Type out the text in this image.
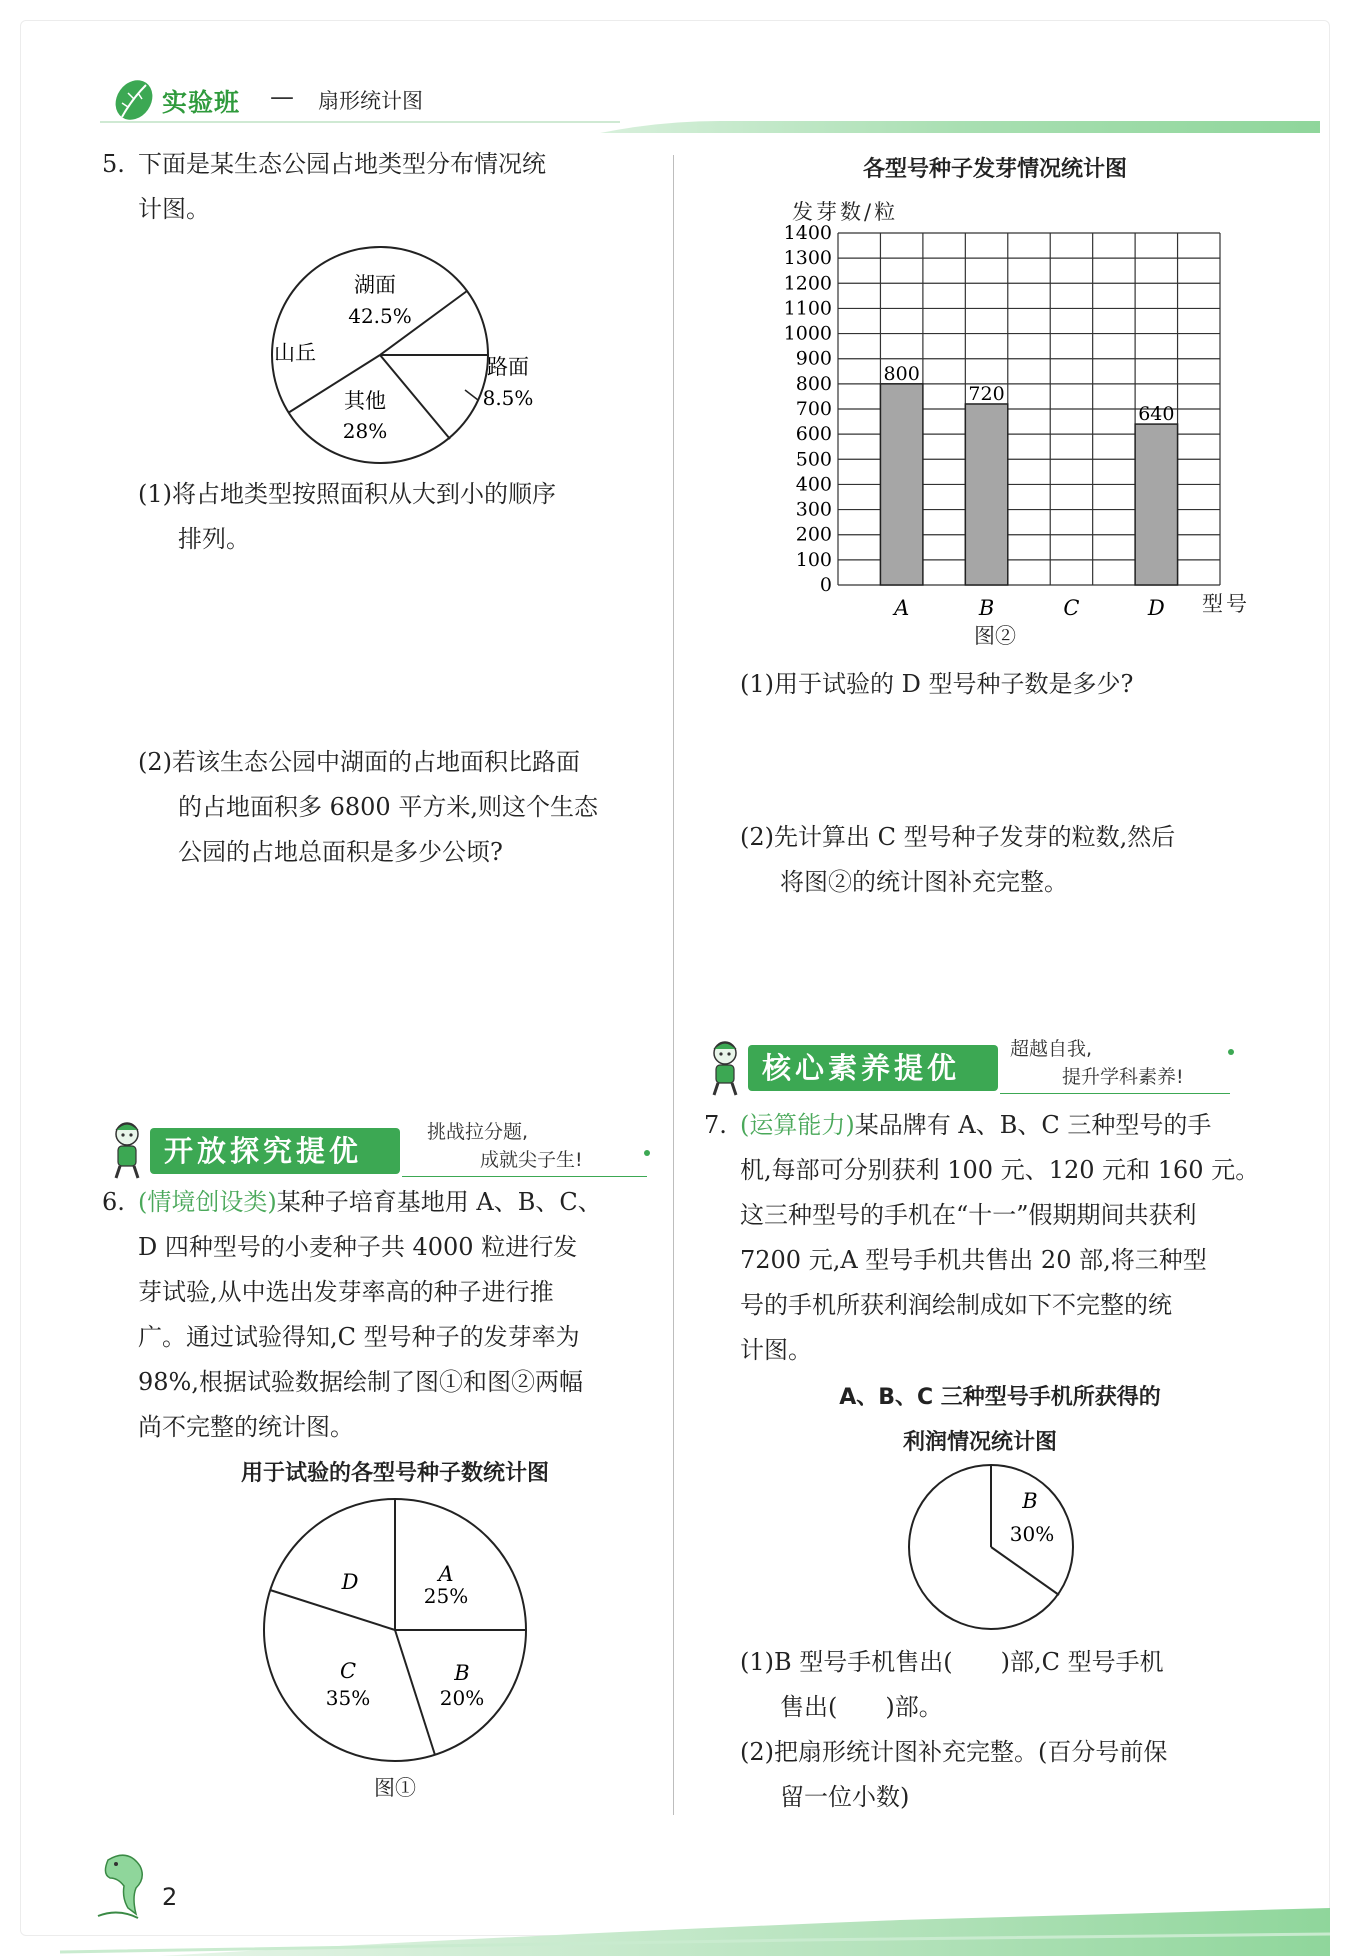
实验班 — 扇形统计图
5. 下面是某生态公园占地类型分布情况统
计图。
湖面
42.5%
山丘
其他
28%
路面
8.5%
(1)将占地类型按照面积从大到小的顺序
排列。
(2)若该生态公园中湖面的占地面积比路面
的占地面积多 6800 平方米,则这个生态
公园的占地总面积是多少公顷?
开放探究提优
挑战拉分题,
成就尖子生!
6. (情境创设类)某种子培育基地用 A、B、C、
D 四种型号的小麦种子共 4000 粒进行发
芽试验,从中选出发芽率高的种子进行推
广。通过试验得知,C 型号种子的发芽率为
98%,根据试验数据绘制了图①和图②两幅
尚不完整的统计图。
用于试验的各型号种子数统计图
A
25%
B
20%
C
35%
D
图①
各型号种子发芽情况统计图
发芽数/粒
型号
0
100
200
300
400
500
600
700
800
900
1000
1100
1200
1300
1400
800
A
720
B	C
640
D
图②
(1)用于试验的 D 型号种子数是多少?
(2)先计算出 C 型号种子发芽的粒数,然后
将图②的统计图补充完整。
核心素养提优
超越自我,
提升学科素养!
7. (运算能力)某品牌有 A、B、C 三种型号的手
机,每部可分别获利 100 元、120 元和 160 元。
这三种型号的手机在“十一”假期期间共获利
7200 元,A 型号手机共售出 20 部,将三种型
号的手机所获利润绘制成如下不完整的统
计图。
A、B、C 三种型号手机所获得的
利润情况统计图
B
30%
(1)B 型号手机售出(　　)部,C 型号手机
售出(　　)部。
(2)把扇形统计图补充完整。(百分号前保
留一位小数)
2
